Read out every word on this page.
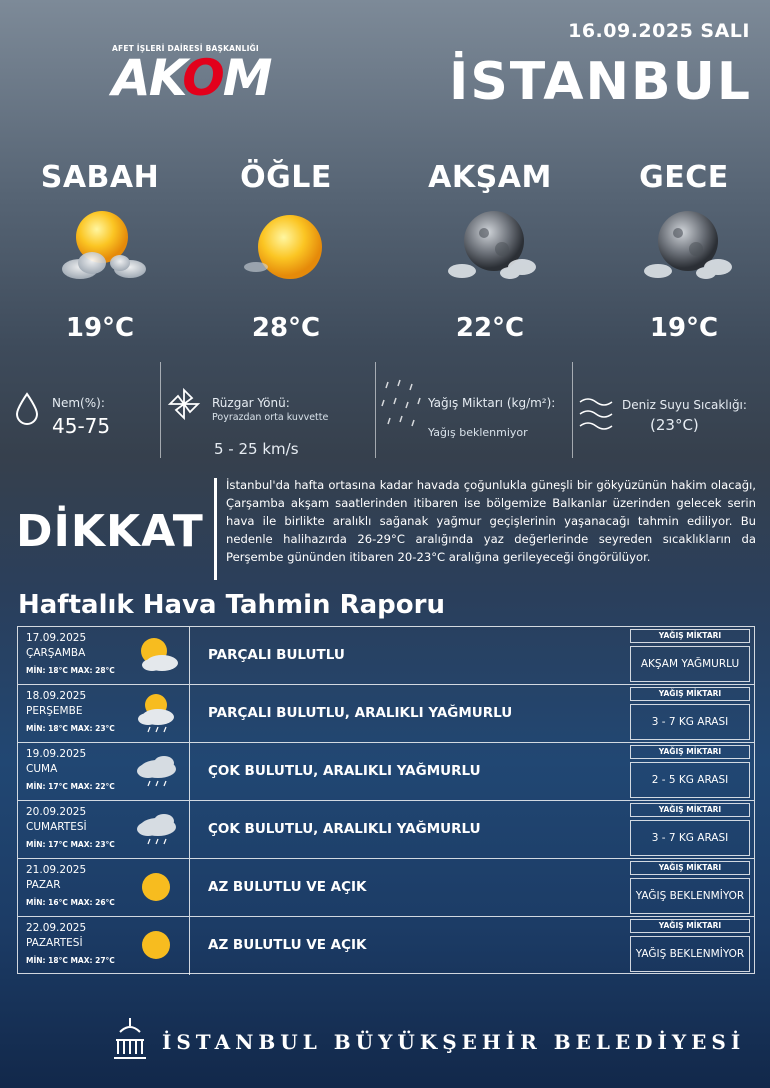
16.09.2025 SALI
İSTANBUL
AFET İŞLERİ DAİRESİ BAŞKANLIĞI
AKOM
SABAH
19°C
ÖĞLE
28°C
AKŞAM
22°C
GECE
19°C
Nem(%):
45-75
Rüzgar Yönü:
Poyrazdan orta kuvvette
5 - 25 km/s
Yağış Miktarı (kg/m²):
Yağış beklenmiyor
Deniz Suyu Sıcaklığı:
(23°C)
DİKKAT
İstanbul'da hafta ortasına kadar havada çoğunlukla güneşli bir gökyüzünün hakim olacağı, Çarşamba akşam saatlerinden itibaren ise bölgemize Balkanlar üzerinden gelecek serin hava ile birlikte aralıklı sağanak yağmur geçişlerinin yaşanacağı tahmin ediliyor. Bu nedenle halihazırda 26-29°C aralığında yaz değerlerinde seyreden sıcaklıkların da Perşembe gününden itibaren 20-23°C aralığına gerileyeceği öngörülüyor.
Haftalık Hava Tahmin Raporu
17.09.2025
ÇARŞAMBA
MİN: 18°C MAX: 28°C
PARÇALI BULUTLU
YAĞIŞ MİKTARI
AKŞAM YAĞMURLU
18.09.2025
PERŞEMBE
MİN: 18°C MAX: 23°C
PARÇALI BULUTLU, ARALIKLI YAĞMURLU
YAĞIŞ MİKTARI
3 - 7 KG ARASI
19.09.2025
CUMA
MİN: 17°C MAX: 22°C
ÇOK BULUTLU, ARALIKLI YAĞMURLU
YAĞIŞ MİKTARI
2 - 5 KG ARASI
20.09.2025
CUMARTESİ
MİN: 17°C MAX: 23°C
ÇOK BULUTLU, ARALIKLI YAĞMURLU
YAĞIŞ MİKTARI
3 - 7 KG ARASI
21.09.2025
PAZAR
MİN: 16°C MAX: 26°C
AZ BULUTLU VE AÇIK
YAĞIŞ MİKTARI
YAĞIŞ BEKLENMİYOR
22.09.2025
PAZARTESİ
MİN: 18°C MAX: 27°C
AZ BULUTLU VE AÇIK
YAĞIŞ MİKTARI
YAĞIŞ BEKLENMİYOR
İSTANBUL BÜYÜKŞEHİR BELEDİYESİ
